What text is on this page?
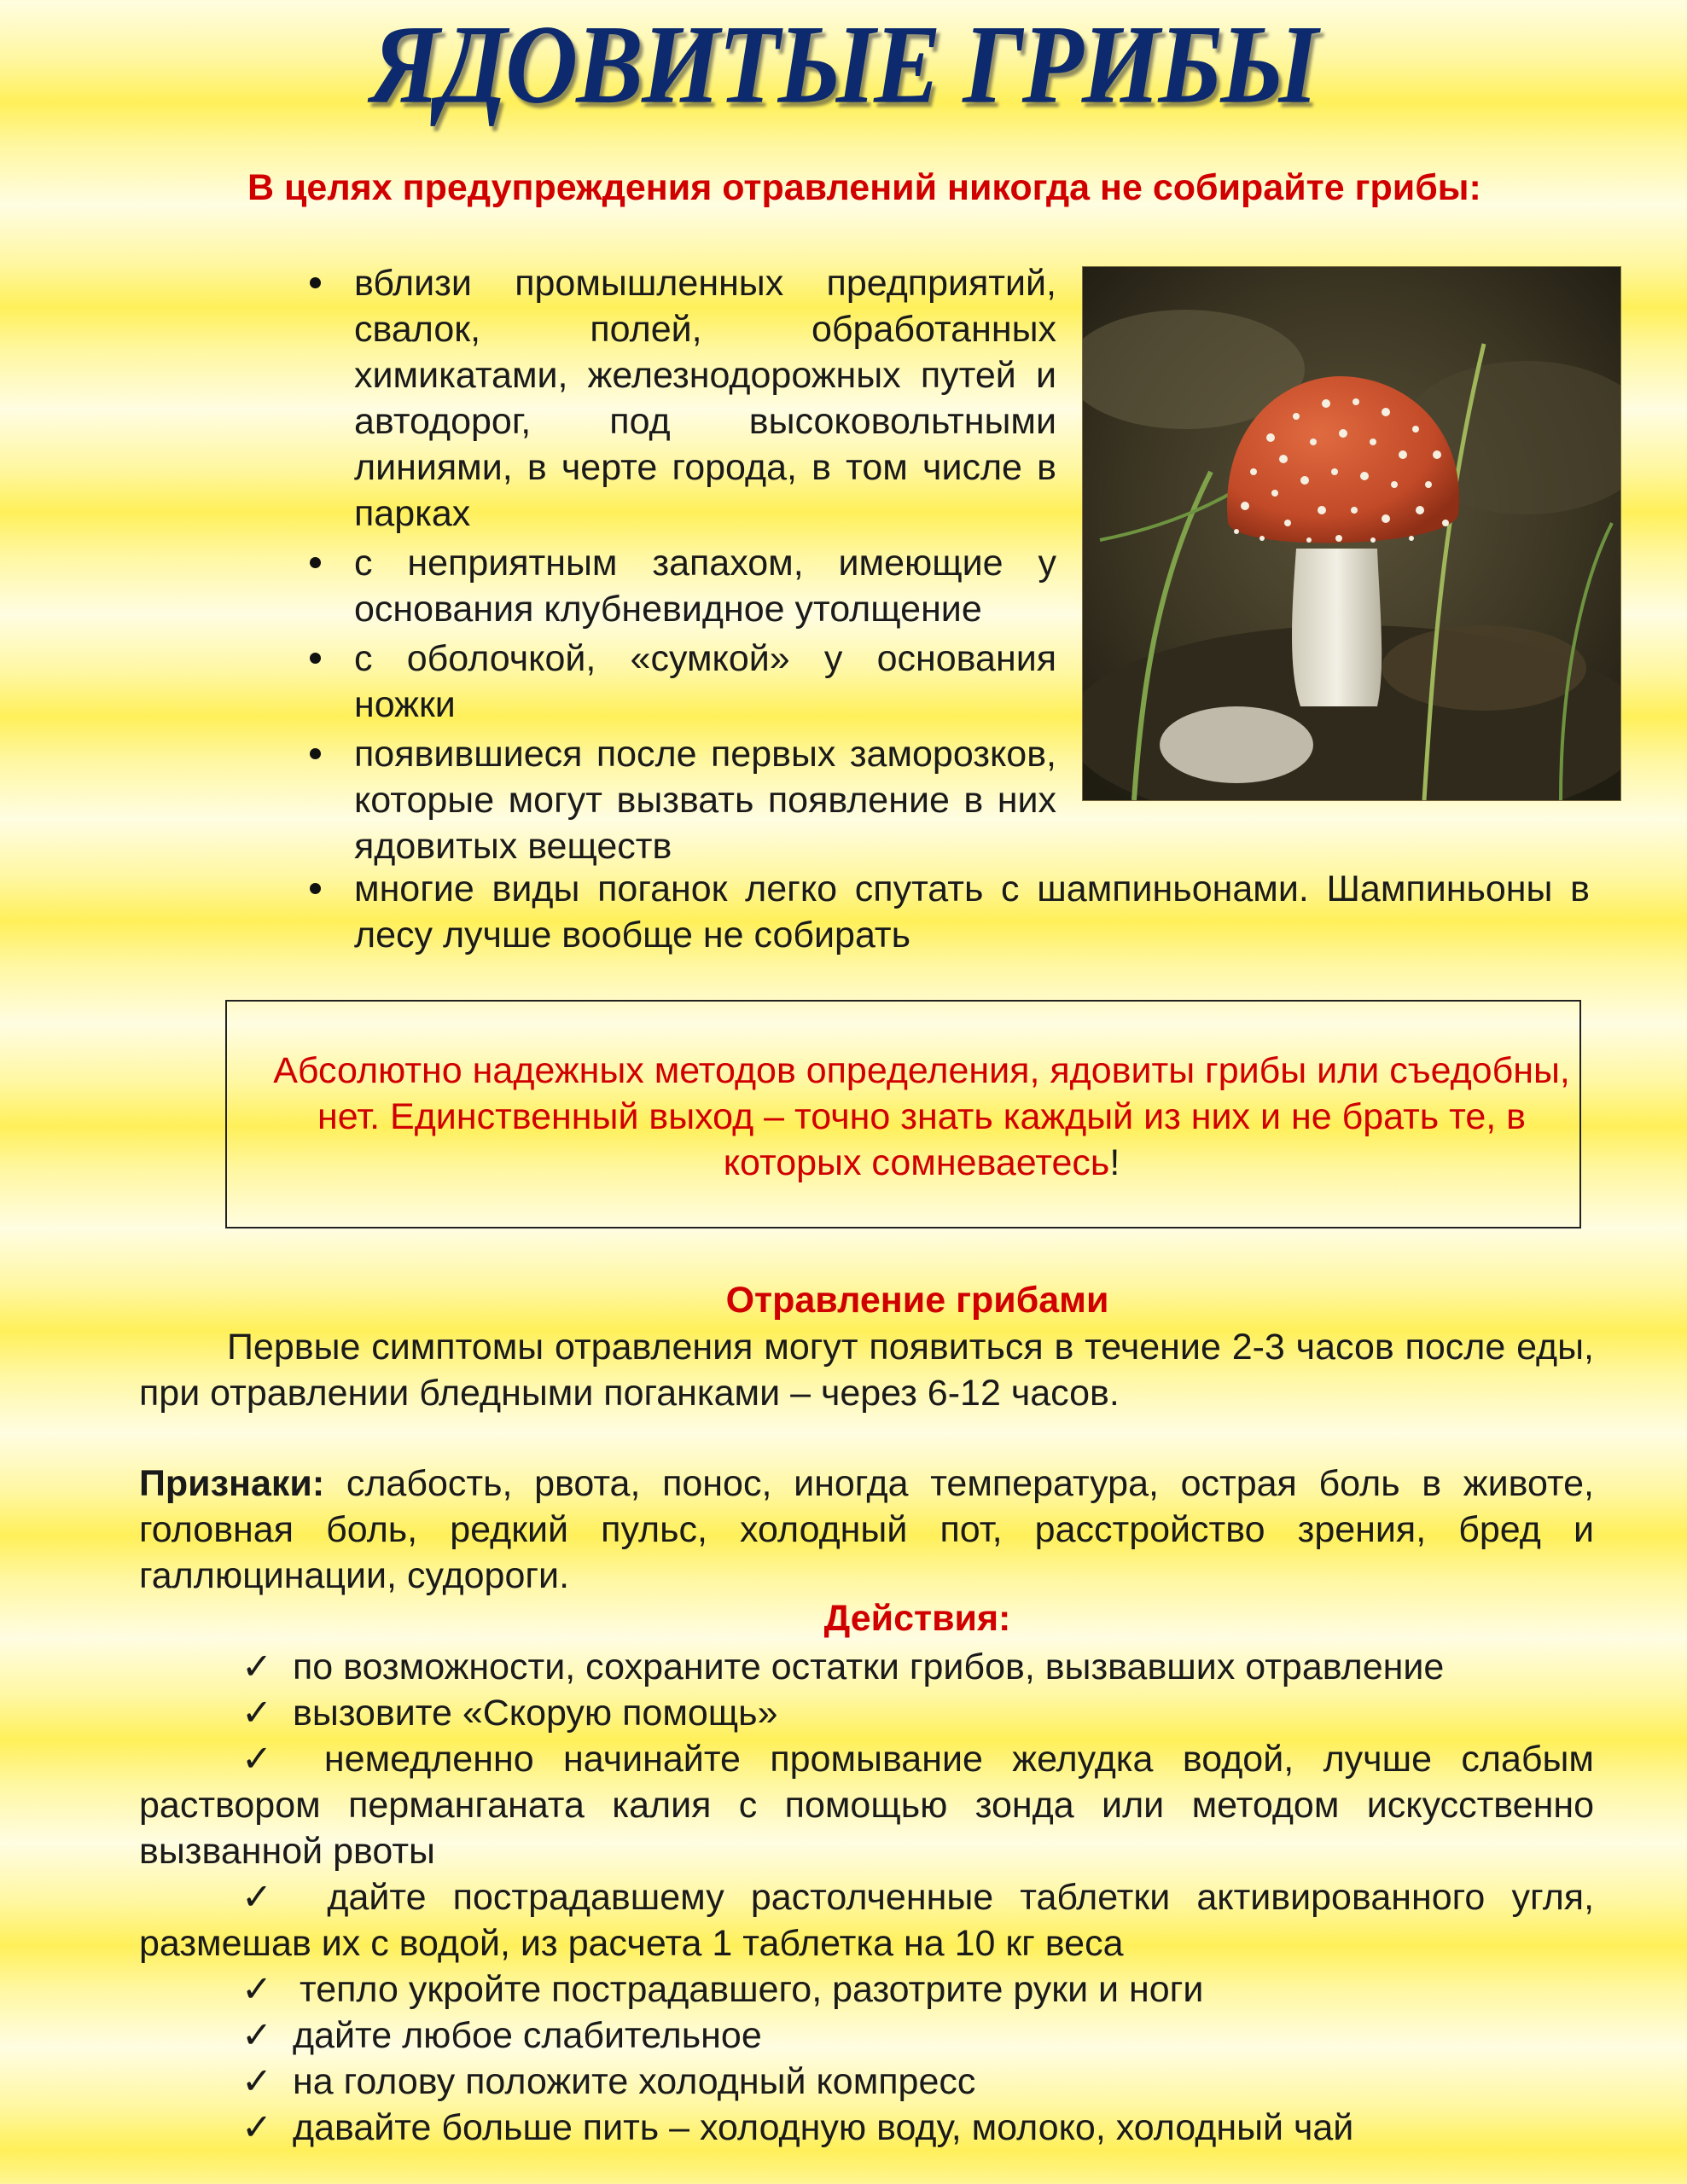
ЯДОВИТЫЕ ГРИБЫ
В целях предупреждения отравлений никогда не собирайте грибы:
вблизи промышленных предприятий, свалок, полей, обработанных химикатами, железнодорожных путей и автодорог, под высоковольтными линиями, в черте города, в том числе в парках
с неприятным запахом, имеющие у основания клубневидное утолщение
с оболочкой, «сумкой» у основания ножки
появившиеся после первых заморозков, которые могут вызвать появление в них ядовитых веществ
многие виды поганок легко спутать с шампиньонами. Шампиньоны в лесу лучше вообще не собирать
Абсолютно надежных методов определения, ядовиты грибы или съедобны, нет. Единственный выход – точно знать каждый из них и не брать те, в которых сомневаетесь!
Отравление грибами
Первые симптомы отравления могут появиться в течение 2-3 часов после еды, при отравлении бледными поганками – через 6-12 часов.
Признаки: слабость, рвота, понос, иногда температура, острая боль в животе, головная боль, редкий пульс, холодный пот, расстройство зрения, бред и галлюцинации, судороги.
Действия:
✓ по возможности, сохраните остатки грибов, вызвавших отравление
✓ вызовите «Скорую помощь»
✓ немедленно начинайте промывание желудка водой, лучше слабым раствором перманганата калия с помощью зонда или методом искусственно вызванной рвоты
✓ дайте пострадавшему растолченные таблетки активированного угля, размешав их с водой, из расчета 1 таблетка на 10 кг веса
✓ тепло укройте пострадавшего, разотрите руки и ноги
✓ дайте любое слабительное
✓ на голову положите холодный компресс
✓ давайте больше пить – холодную воду, молоко, холодный чай
